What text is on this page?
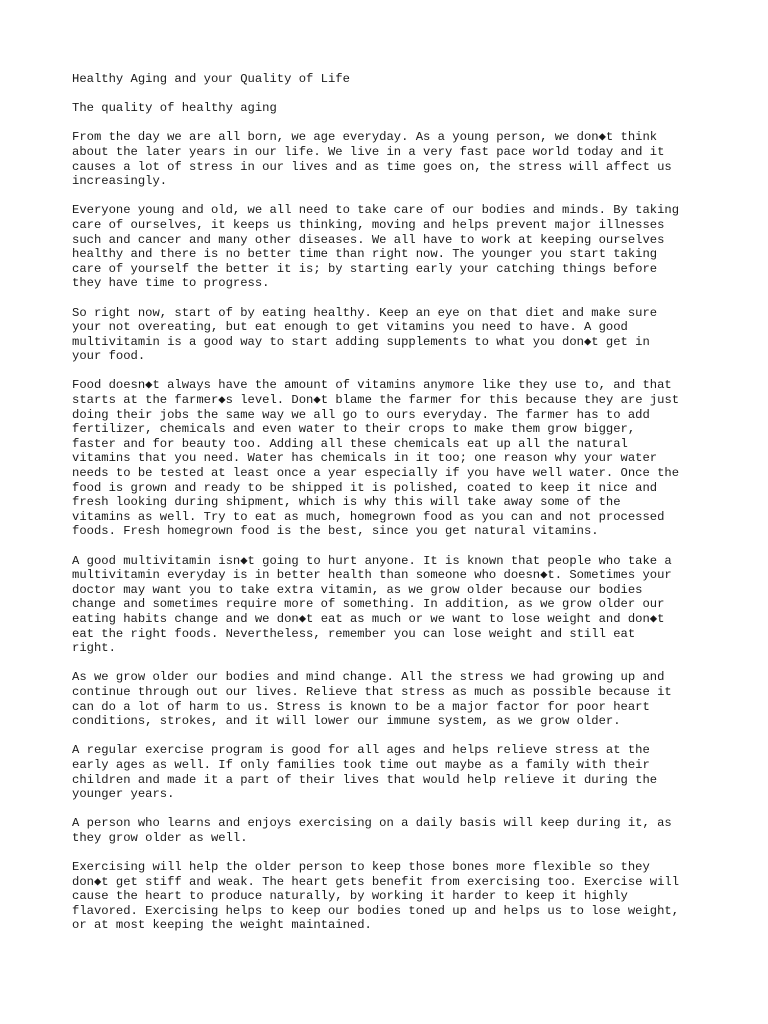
Healthy Aging and your Quality of Life

The quality of healthy aging

From the day we are all born, we age everyday. As a young person, we don◆t think
about the later years in our life. We live in a very fast pace world today and it
causes a lot of stress in our lives and as time goes on, the stress will affect us
increasingly.

Everyone young and old, we all need to take care of our bodies and minds. By taking
care of ourselves, it keeps us thinking, moving and helps prevent major illnesses
such and cancer and many other diseases. We all have to work at keeping ourselves
healthy and there is no better time than right now. The younger you start taking
care of yourself the better it is; by starting early your catching things before
they have time to progress.

So right now, start of by eating healthy. Keep an eye on that diet and make sure
your not overeating, but eat enough to get vitamins you need to have. A good
multivitamin is a good way to start adding supplements to what you don◆t get in
your food.

Food doesn◆t always have the amount of vitamins anymore like they use to, and that
starts at the farmer◆s level. Don◆t blame the farmer for this because they are just
doing their jobs the same way we all go to ours everyday. The farmer has to add
fertilizer, chemicals and even water to their crops to make them grow bigger,
faster and for beauty too. Adding all these chemicals eat up all the natural
vitamins that you need. Water has chemicals in it too; one reason why your water
needs to be tested at least once a year especially if you have well water. Once the
food is grown and ready to be shipped it is polished, coated to keep it nice and
fresh looking during shipment, which is why this will take away some of the
vitamins as well. Try to eat as much, homegrown food as you can and not processed
foods. Fresh homegrown food is the best, since you get natural vitamins.

A good multivitamin isn◆t going to hurt anyone. It is known that people who take a
multivitamin everyday is in better health than someone who doesn◆t. Sometimes your
doctor may want you to take extra vitamin, as we grow older because our bodies
change and sometimes require more of something. In addition, as we grow older our
eating habits change and we don◆t eat as much or we want to lose weight and don◆t
eat the right foods. Nevertheless, remember you can lose weight and still eat
right.

As we grow older our bodies and mind change. All the stress we had growing up and
continue through out our lives. Relieve that stress as much as possible because it
can do a lot of harm to us. Stress is known to be a major factor for poor heart
conditions, strokes, and it will lower our immune system, as we grow older.

A regular exercise program is good for all ages and helps relieve stress at the
early ages as well. If only families took time out maybe as a family with their
children and made it a part of their lives that would help relieve it during the
younger years.

A person who learns and enjoys exercising on a daily basis will keep during it, as
they grow older as well.

Exercising will help the older person to keep those bones more flexible so they
don◆t get stiff and weak. The heart gets benefit from exercising too. Exercise will
cause the heart to produce naturally, by working it harder to keep it highly
flavored. Exercising helps to keep our bodies toned up and helps us to lose weight,
or at most keeping the weight maintained.
